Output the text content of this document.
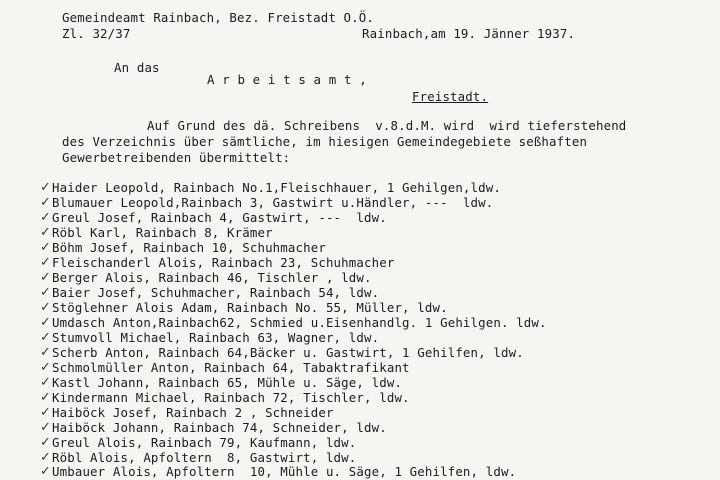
Gemeindeamt Rainbach, Bez. Freistadt O.Ö.
Zl. 32/37	Rainbach,am 19. Jänner 1937.
An das
A r b e i t s a m t ,
Freistadt.
Auf Grund des dä. Schreibens  v.8.d.M. wird  wird tieferstehend
des Verzeichnis über sämtliche, im hiesigen Gemeindegebiete seßhaften
Gewerbetreibenden übermittelt:
✓ Haider Leopold, Rainbach No.1,Fleischhauer, 1 Gehilgen,ldw.
✓ Blumauer Leopold,Rainbach 3, Gastwirt u.Händler, ---  ldw.
✓ Greul Josef, Rainbach 4, Gastwirt, ---  ldw.
✓ Röbl Karl, Rainbach 8, Krämer
✓ Böhm Josef, Rainbach 10, Schuhmacher
✓ Fleischanderl Alois, Rainbach 23, Schuhmacher
✓ Berger Alois, Rainbach 46, Tischler , ldw.
✓ Baier Josef, Schuhmacher, Rainbach 54, ldw.
✓ Stöglehner Alois Adam, Rainbach No. 55, Müller, ldw.
✓ Umdasch Anton,Rainbach62, Schmied u.Eisenhandlg. 1 Gehilgen. ldw.
✓ Stumvoll Michael, Rainbach 63, Wagner, ldw.
✓ Scherb Anton, Rainbach 64,Bäcker u. Gastwirt, 1 Gehilfen, ldw.
✓ Schmolmüller Anton, Rainbach 64, Tabaktrafikant
✓ Kastl Johann, Rainbach 65, Mühle u. Säge, ldw.
✓ Kindermann Michael, Rainbach 72, Tischler, ldw.
✓ Haiböck Josef, Rainbach 2 , Schneider
✓ Haiböck Johann, Rainbach 74, Schneider, ldw.
✓ Greul Alois, Rainbach 79, Kaufmann, ldw.
✓ Röbl Alois, Apfoltern  8, Gastwirt, ldw.
✓ Umbauer Alois, Apfoltern  10, Mühle u. Säge, 1 Gehilfen, ldw.
